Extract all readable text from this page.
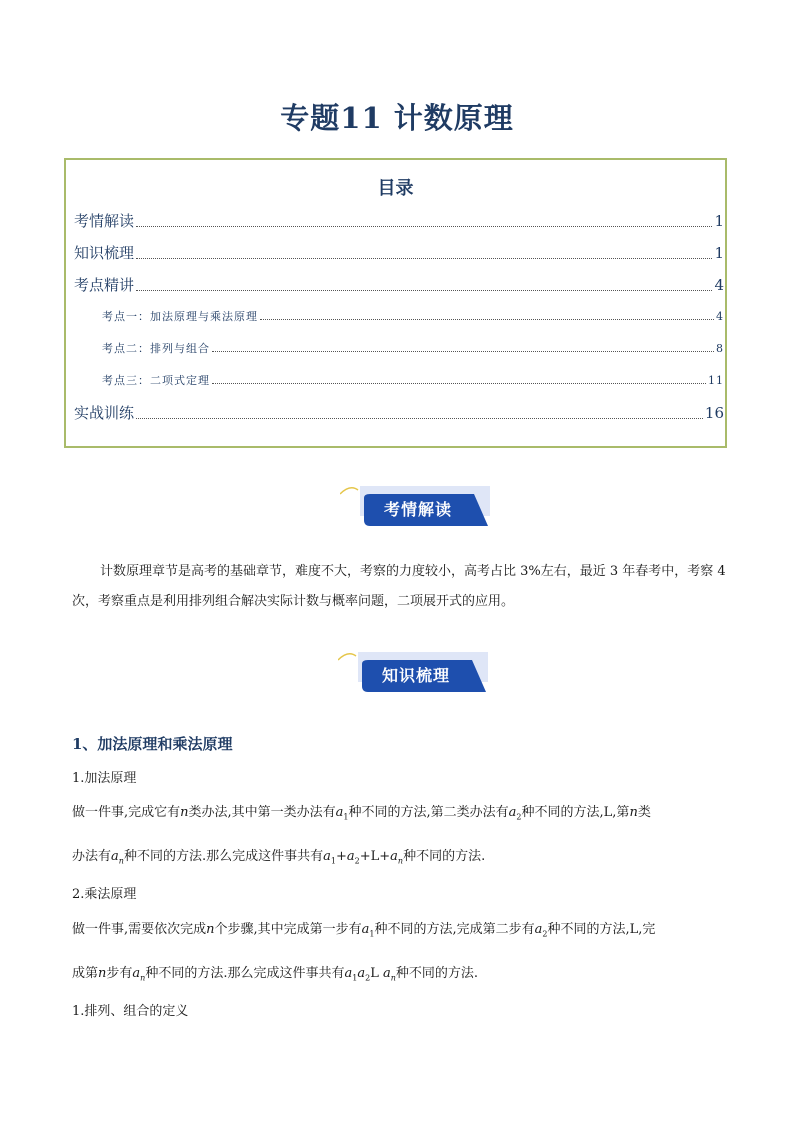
专题11 计数原理
目录
考情解读	1
知识梳理	1
考点精讲	4
考点一：加法原理与乘法原理	4
考点二：排列与组合	8
考点三：二项式定理	11
实战训练	16
考情解读
计数原理章节是高考的基础章节，难度不大，考察的力度较小，高考占比 3%左右，最近 3 年春考中，考察 4 次，考察重点是利用排列组合解决实际计数与概率问题，二项展开式的应用。
知识梳理
1、加法原理和乘法原理
1.加法原理
做一件事,完成它有n类办法,其中第一类办法有$a_1$种不同的方法,第二类办法有$a_2$种不同的方法,L,第n类
办法有$a_n$种不同的方法.那么完成这件事共有$a_1+a_2+L+a_n$种不同的方法.
2.乘法原理
做一件事,需要依次完成n个步骤,其中完成第一步有$a_1$种不同的方法,完成第二步有$a_2$种不同的方法,L,完
成第n步有$a_n$种不同的方法.那么完成这件事共有$a_1a_2L$ $a_n$种不同的方法.
1.排列、组合的定义
